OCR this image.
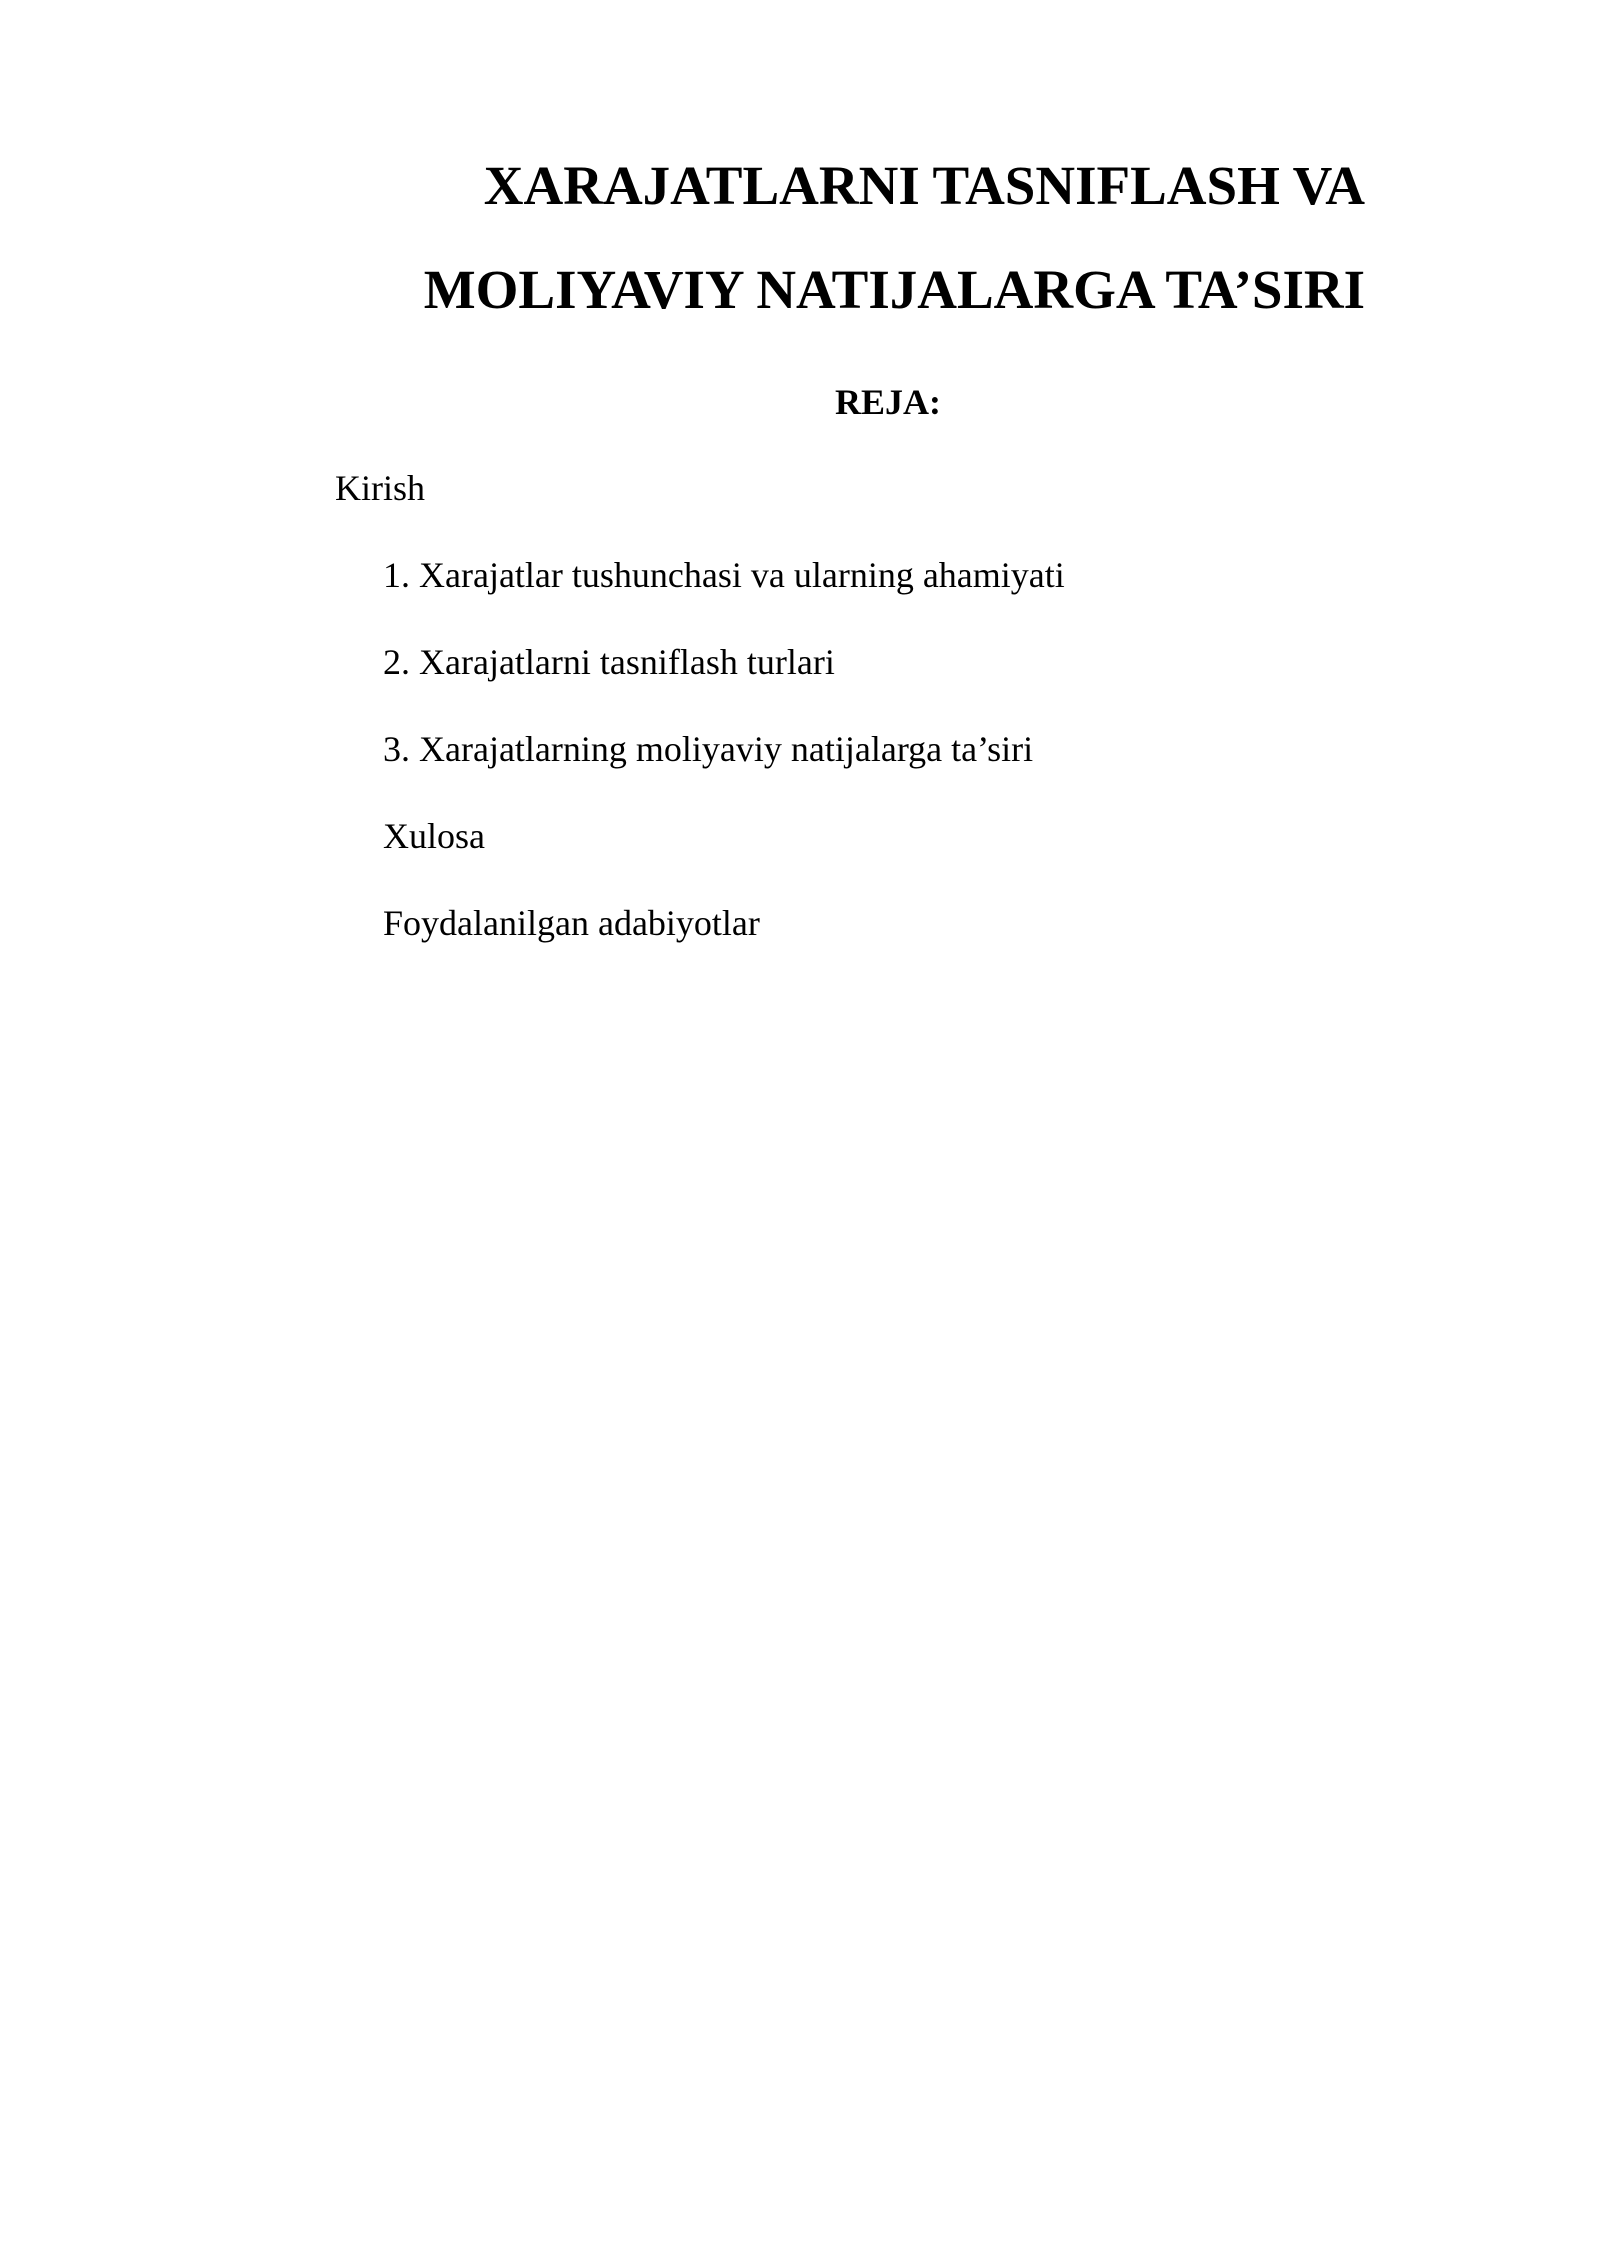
XARAJATLARNI TASNIFLASH VA
MOLIYAVIY NATIJALARGA TA’SIRI
REJA:
Kirish
1. Xarajatlar tushunchasi va ularning ahamiyati
2. Xarajatlarni tasniflash turlari
3. Xarajatlarning moliyaviy natijalarga ta’siri
Xulosa
Foydalanilgan adabiyotlar
